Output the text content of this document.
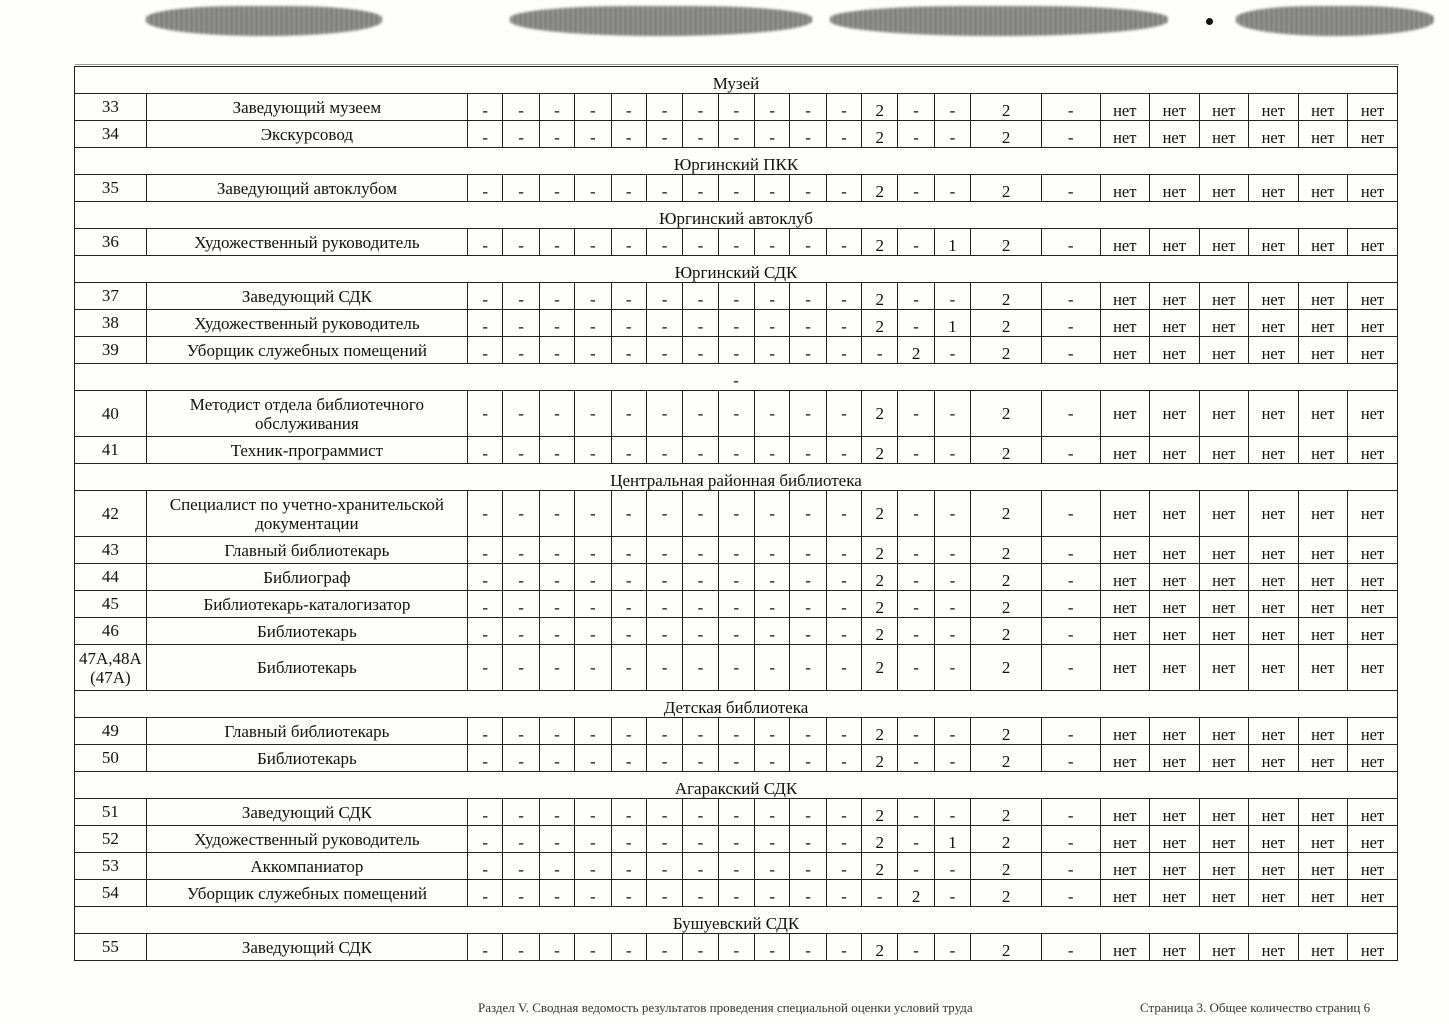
Музей																							
33	Заведующий музеем	-	-	-	-	-	-	-	-	-	-	-	2	-	-	2	-	нет	нет	нет	нет	нет	нет
34	Экскурсовод	-	-	-	-	-	-	-	-	-	-	-	2	-	-	2	-	нет	нет	нет	нет	нет	нет
Юргинский ПКК																							
35	Заведующий автоклубом	-	-	-	-	-	-	-	-	-	-	-	2	-	-	2	-	нет	нет	нет	нет	нет	нет
Юргинский автоклуб																							
36	Художественный руководитель	-	-	-	-	-	-	-	-	-	-	-	2	-	1	2	-	нет	нет	нет	нет	нет	нет
Юргинский СДК																							
37	Заведующий СДК	-	-	-	-	-	-	-	-	-	-	-	2	-	-	2	-	нет	нет	нет	нет	нет	нет
38	Художественный руководитель	-	-	-	-	-	-	-	-	-	-	-	2	-	1	2	-	нет	нет	нет	нет	нет	нет
39	Уборщик служебных помещений	-	-	-	-	-	-	-	-	-	-	-	-	2	-	2	-	нет	нет	нет	нет	нет	нет
-																							
40	Методист отдела библиотечного обслуживания	-	-	-	-	-	-	-	-	-	-	-	2	-	-	2	-	нет	нет	нет	нет	нет	нет
41	Техник-программист	-	-	-	-	-	-	-	-	-	-	-	2	-	-	2	-	нет	нет	нет	нет	нет	нет
Центральная районная библиотека																							
42	Специалист по учетно-хранительской документации	-	-	-	-	-	-	-	-	-	-	-	2	-	-	2	-	нет	нет	нет	нет	нет	нет
43	Главный библиотекарь	-	-	-	-	-	-	-	-	-	-	-	2	-	-	2	-	нет	нет	нет	нет	нет	нет
44	Библиограф	-	-	-	-	-	-	-	-	-	-	-	2	-	-	2	-	нет	нет	нет	нет	нет	нет
45	Библиотекарь-каталогизатор	-	-	-	-	-	-	-	-	-	-	-	2	-	-	2	-	нет	нет	нет	нет	нет	нет
46	Библиотекарь	-	-	-	-	-	-	-	-	-	-	-	2	-	-	2	-	нет	нет	нет	нет	нет	нет
47А,48А(47А)	Библиотекарь	-	-	-	-	-	-	-	-	-	-	-	2	-	-	2	-	нет	нет	нет	нет	нет	нет
Детская библиотека																							
49	Главный библиотекарь	-	-	-	-	-	-	-	-	-	-	-	2	-	-	2	-	нет	нет	нет	нет	нет	нет
50	Библиотекарь	-	-	-	-	-	-	-	-	-	-	-	2	-	-	2	-	нет	нет	нет	нет	нет	нет
Агаракский СДК																							
51	Заведующий СДК	-	-	-	-	-	-	-	-	-	-	-	2	-	-	2	-	нет	нет	нет	нет	нет	нет
52	Художественный руководитель	-	-	-	-	-	-	-	-	-	-	-	2	-	1	2	-	нет	нет	нет	нет	нет	нет
53	Аккомпаниатор	-	-	-	-	-	-	-	-	-	-	-	2	-	-	2	-	нет	нет	нет	нет	нет	нет
54	Уборщик служебных помещений	-	-	-	-	-	-	-	-	-	-	-	-	2	-	2	-	нет	нет	нет	нет	нет	нет
Бушуевский СДК																							
55	Заведующий СДК	-	-	-	-	-	-	-	-	-	-	-	2	-	-	2	-	нет	нет	нет	нет	нет	нет
Раздел V. Сводная ведомость результатов проведения специальной оценки условий труда	Страница 3. Общее количество страниц 6
